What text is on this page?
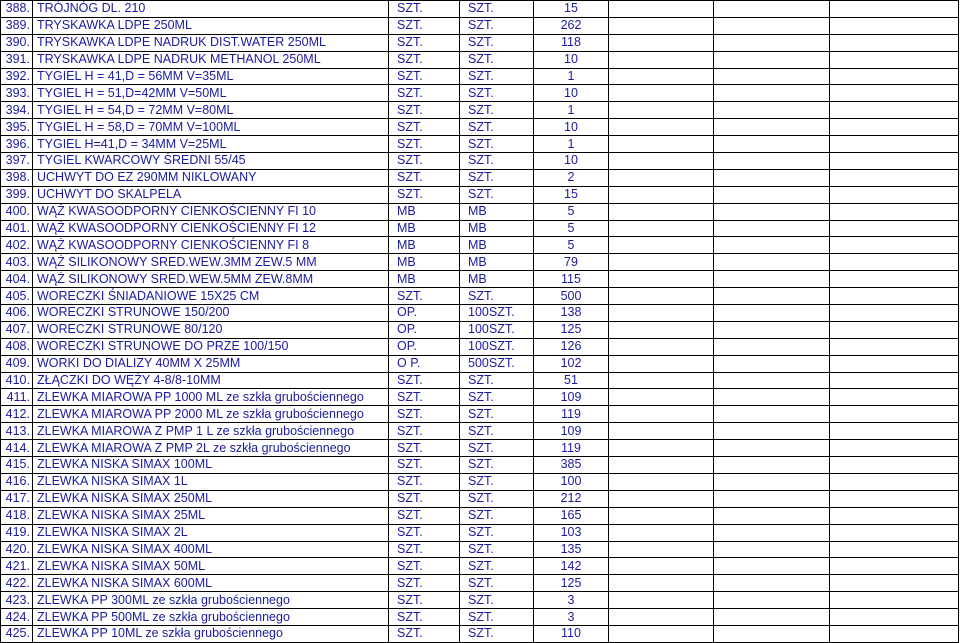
388.	TRÓJNÓG DL. 210	SZT.	SZT.	15			
389.	TRYSKAWKA LDPE 250ML	SZT.	SZT.	262			
390.	TRYSKAWKA LDPE NADRUK DIST.WATER 250ML	SZT.	SZT.	118			
391.	TRYSKAWKA LDPE NADRUK METHANOL 250ML	SZT.	SZT.	10			
392.	TYGIEL H = 41,D = 56MM V=35ML	SZT.	SZT.	1			
393.	TYGIEL H = 51,D=42MM V=50ML	SZT.	SZT.	10			
394.	TYGIEL H = 54,D = 72MM V=80ML	SZT.	SZT.	1			
395.	TYGIEL H = 58,D = 70MM V=100ML	SZT.	SZT.	10			
396.	TYGIEL H=41,D = 34MM V=25ML	SZT.	SZT.	1			
397.	TYGIEL KWARCOWY ŚREDNI 55/45	SZT.	SZT.	10			
398.	UCHWYT DO EZ 290MM NIKLOWANY	SZT.	SZT.	2			
399.	UCHWYT DO SKALPELA	SZT.	SZT.	15			
400.	WĄŻ KWASOODPORNY CIENKOŚCIENNY FI 10	MB	MB	5			
401.	WĄŻ KWASOODPORNY CIENKOŚCIENNY FI 12	MB	MB	5			
402.	WĄŻ KWASOODPORNY CIENKOŚCIENNY FI 8	MB	MB	5			
403.	WĄŻ SILIKONOWY SRED.WEW.3MM ZEW.5 MM	MB	MB	79			
404.	WĄŻ SILIKONOWY SRED.WEW.5MM ZEW.8MM	MB	MB	115			
405.	WORECZKI ŚNIADANIOWE 15X25 CM	SZT.	SZT.	500			
406.	WORECZKI STRUNOWE 150/200	OP.	100SZT.	138			
407.	WORECZKI STRUNOWE 80/120	OP.	100SZT.	125			
408.	WORECZKI STRUNOWE DO PRZE 100/150	OP.	100SZT.	126			
409.	WORKI DO DIALIZY 40MM X 25MM	O P.	500SZT.	102			
410.	ZŁĄCZKI DO WĘŻY 4-8/8-10MM	SZT.	SZT.	51			
411.	ZLEWKA MIAROWA PP 1000 ML ze szkła grubościennego	SZT.	SZT.	109			
412.	ZLEWKA MIAROWA PP 2000 ML ze szkła grubościennego	SZT.	SZT.	119			
413.	ZLEWKA MIAROWA Z PMP 1 L ze szkła grubościennego	SZT.	SZT.	109			
414.	ZLEWKA MIAROWA Z PMP 2L ze szkła grubościennego	SZT.	SZT.	119			
415.	ZLEWKA NISKA SIMAX 100ML	SZT.	SZT.	385			
416.	ZLEWKA NISKA SIMAX 1L	SZT.	SZT.	100			
417.	ZLEWKA NISKA SIMAX 250ML	SZT.	SZT.	212			
418.	ZLEWKA NISKA SIMAX 25ML	SZT.	SZT.	165			
419.	ZLEWKA NISKA SIMAX 2L	SZT.	SZT.	103			
420.	ZLEWKA NISKA SIMAX 400ML	SZT.	SZT.	135			
421.	ZLEWKA NISKA SIMAX 50ML	SZT.	SZT.	142			
422.	ZLEWKA NISKA SIMAX 600ML	SZT.	SZT.	125			
423.	ZLEWKA PP 300ML ze szkła grubościennego	SZT.	SZT.	3			
424.	ZLEWKA PP 500ML ze szkła grubościennego	SZT.	SZT.	3			
425.	ZLEWKA PP 10ML ze szkła grubościennego	SZT.	SZT.	110			
